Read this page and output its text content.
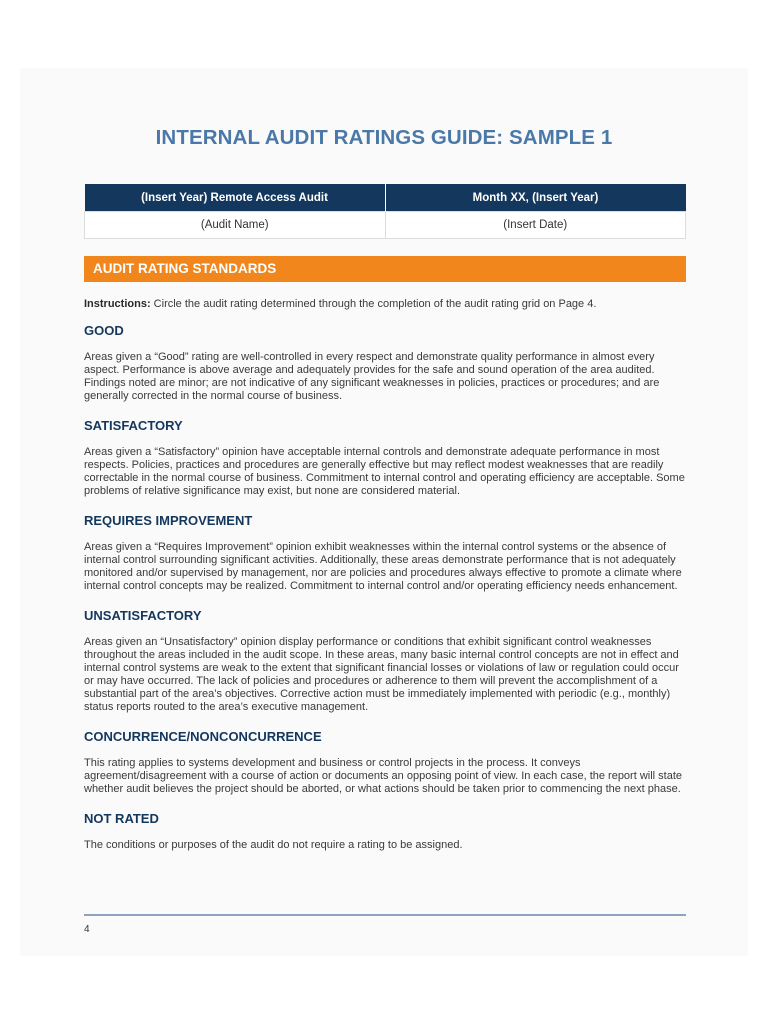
INTERNAL AUDIT RATINGS GUIDE: SAMPLE 1
(Insert Year) Remote Access Audit	Month XX, (Insert Year)
(Audit Name)	(Insert Date)
AUDIT RATING STANDARDS

Instructions: Circle the audit rating determined through the completion of the audit rating grid on Page 4.

GOOD

Areas given a “Good” rating are well-controlled in every respect and demonstrate quality performance in almost every aspect. Performance is above average and adequately provides for the safe and sound operation of the area audited. Findings noted are minor; are not indicative of any significant weaknesses in policies, practices or procedures; and are generally corrected in the normal course of business.

SATISFACTORY

Areas given a “Satisfactory” opinion have acceptable internal controls and demonstrate adequate performance in most respects. Policies, practices and procedures are generally effective but may reflect modest weaknesses that are readily correctable in the normal course of business. Commitment to internal control and operating efficiency are acceptable. Some problems of relative significance may exist, but none are considered material.

REQUIRES IMPROVEMENT

Areas given a “Requires Improvement” opinion exhibit weaknesses within the internal control systems or the absence of internal control surrounding significant activities. Additionally, these areas demonstrate performance that is not adequately monitored and/or supervised by management, nor are policies and procedures always effective to promote a climate where internal control concepts may be realized. Commitment to internal control and/or operating efficiency needs enhancement.

UNSATISFACTORY

Areas given an “Unsatisfactory” opinion display performance or conditions that exhibit significant control weaknesses throughout the areas included in the audit scope. In these areas, many basic internal control concepts are not in effect and internal control systems are weak to the extent that significant financial losses or violations of law or regulation could occur or may have occurred. The lack of policies and procedures or adherence to them will prevent the accomplishment of a substantial part of the area’s objectives. Corrective action must be immediately implemented with periodic (e.g., monthly) status reports routed to the area’s executive management.

CONCURRENCE/NONCONCURRENCE

This rating applies to systems development and business or control projects in the process. It conveys agreement/disagreement with a course of action or documents an opposing point of view. In each case, the report will state whether audit believes the project should be aborted, or what actions should be taken prior to commencing the next phase.

NOT RATED

The conditions or purposes of the audit do not require a rating to be assigned.

4
